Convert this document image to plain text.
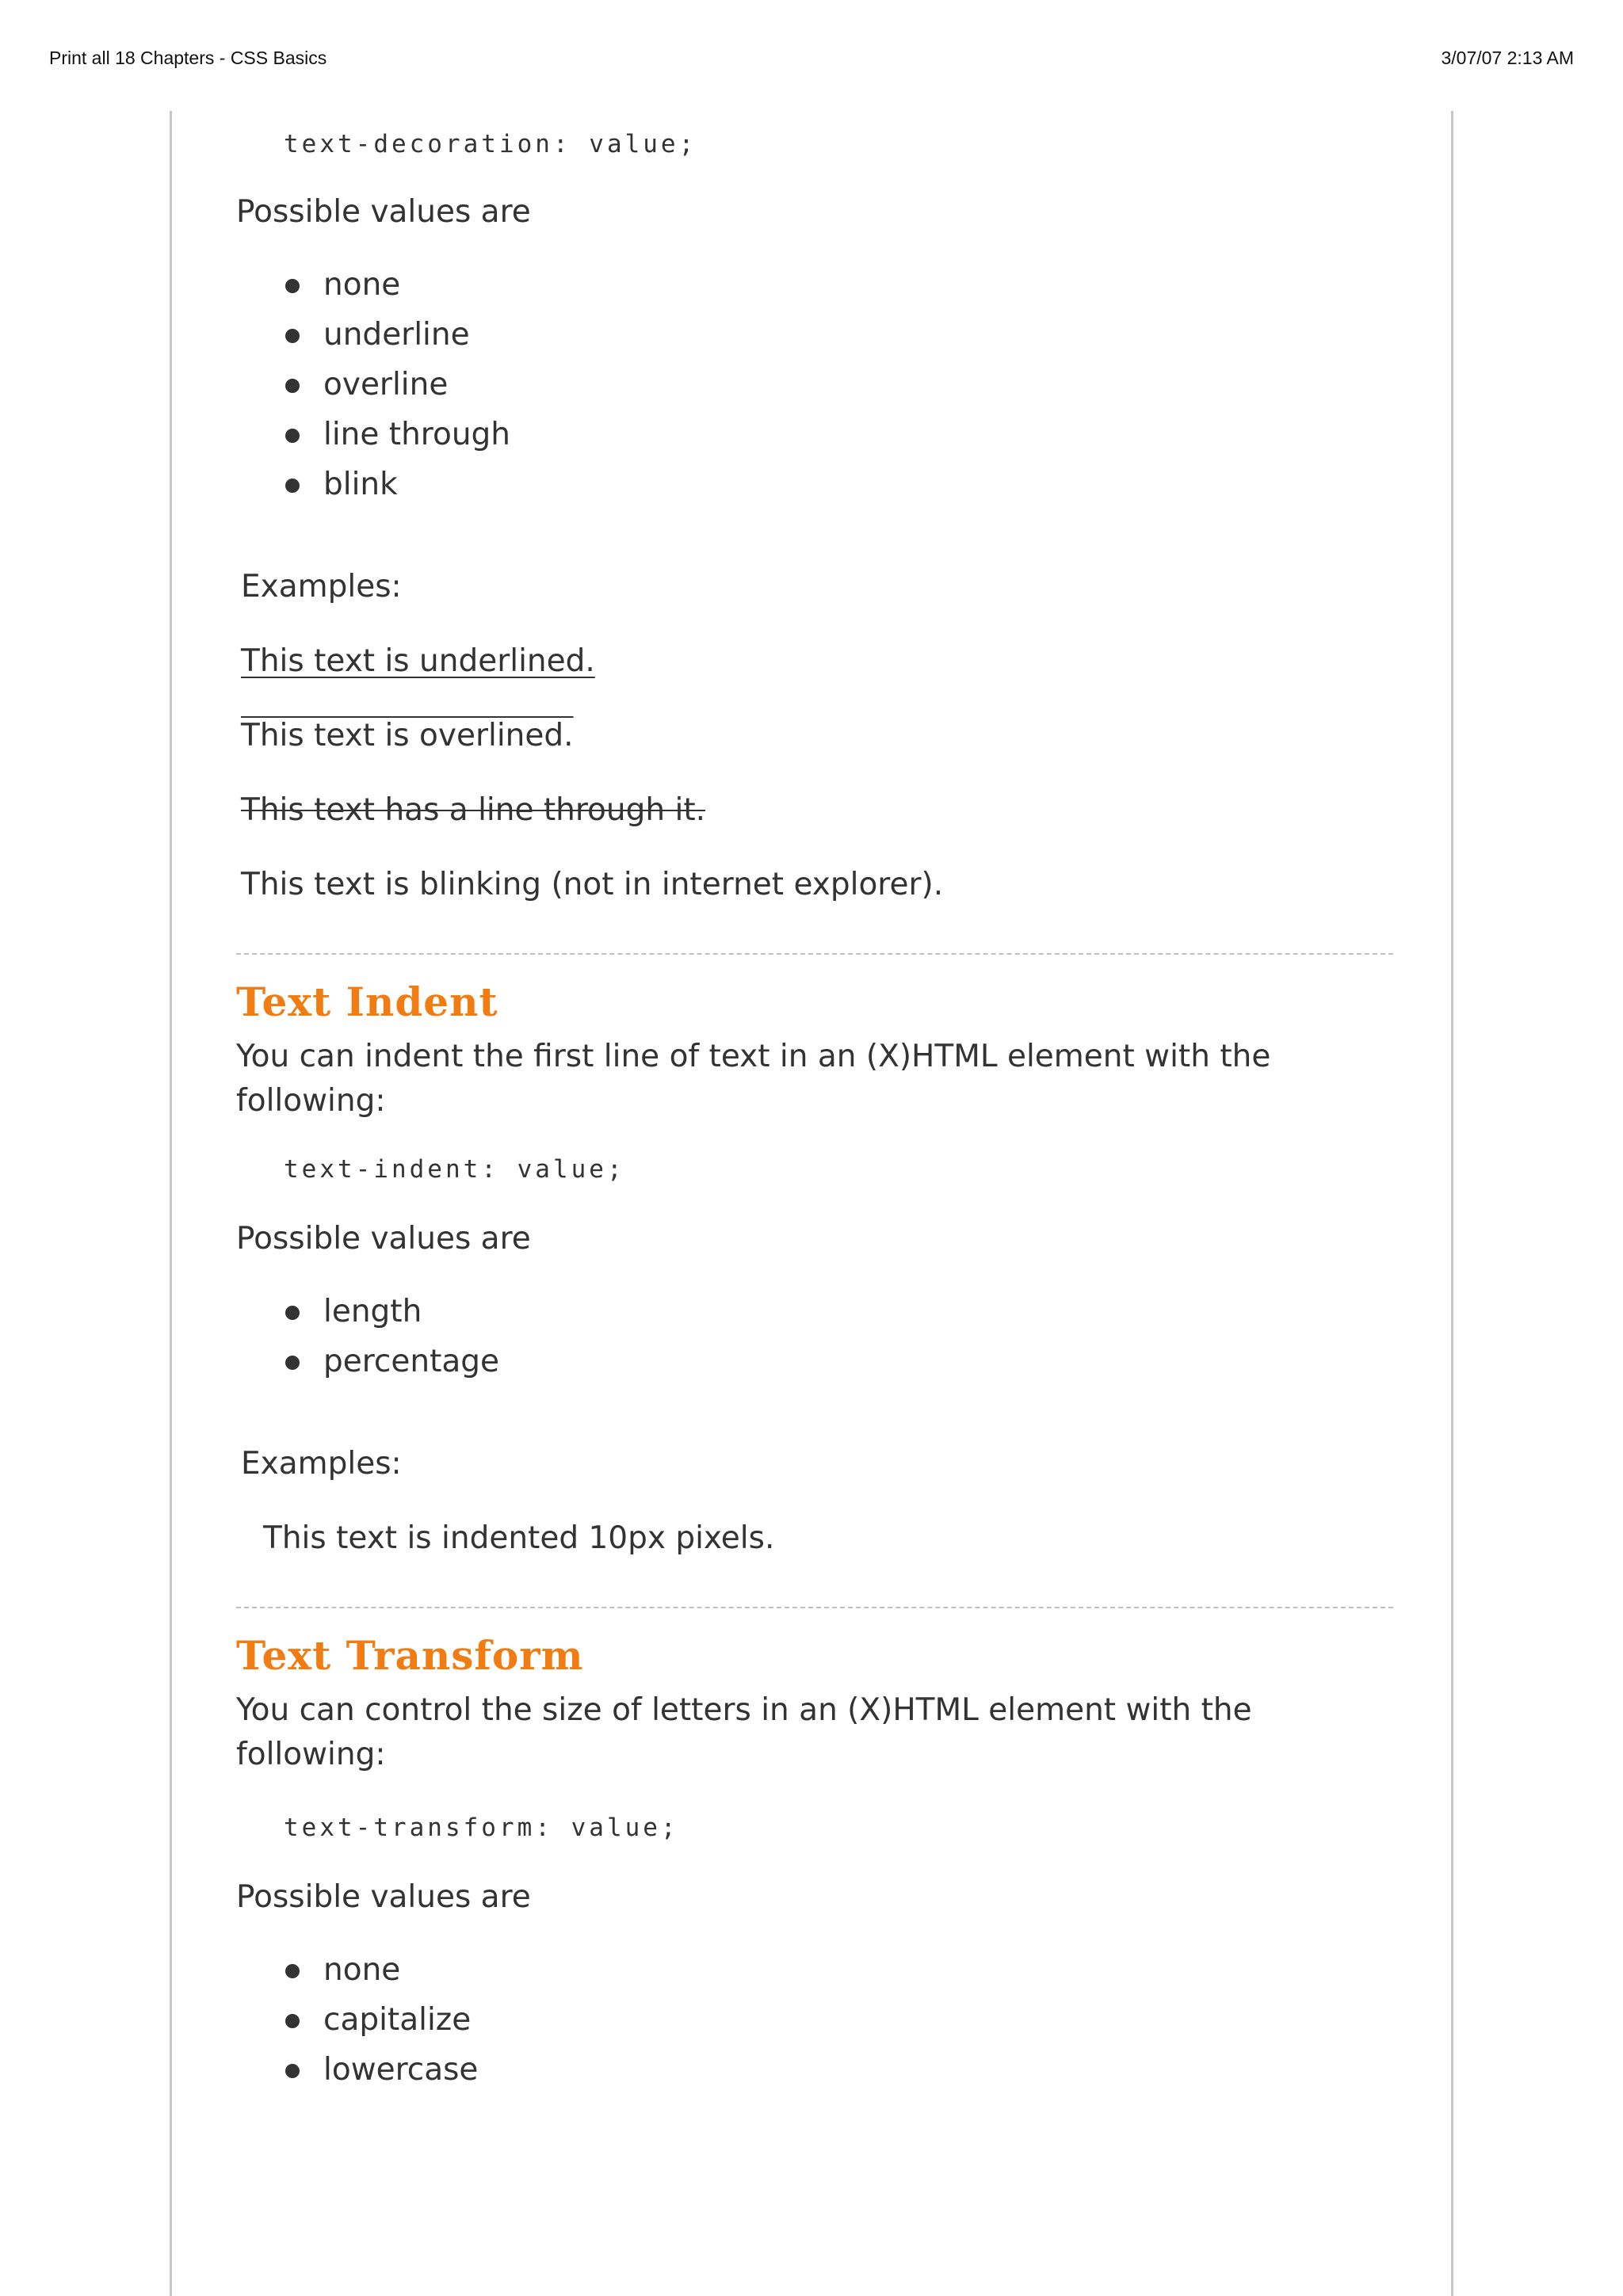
Print all 18 Chapters - CSS Basics	3/07/07 2:13 AM
text-decoration: value;

Possible values are

none
underline
overline
line through
blink

Examples:

This text is underlined.

This text is overlined.

This text has a line through it.

This text is blinking (not in internet explorer).

Text Indent

You can indent the first line of text in an (X)HTML element with the

following:

text-indent: value;

Possible values are

length
percentage

Examples:

This text is indented 10px pixels.

Text Transform

You can control the size of letters in an (X)HTML element with the

following:

text-transform: value;

Possible values are

none
capitalize
lowercase
